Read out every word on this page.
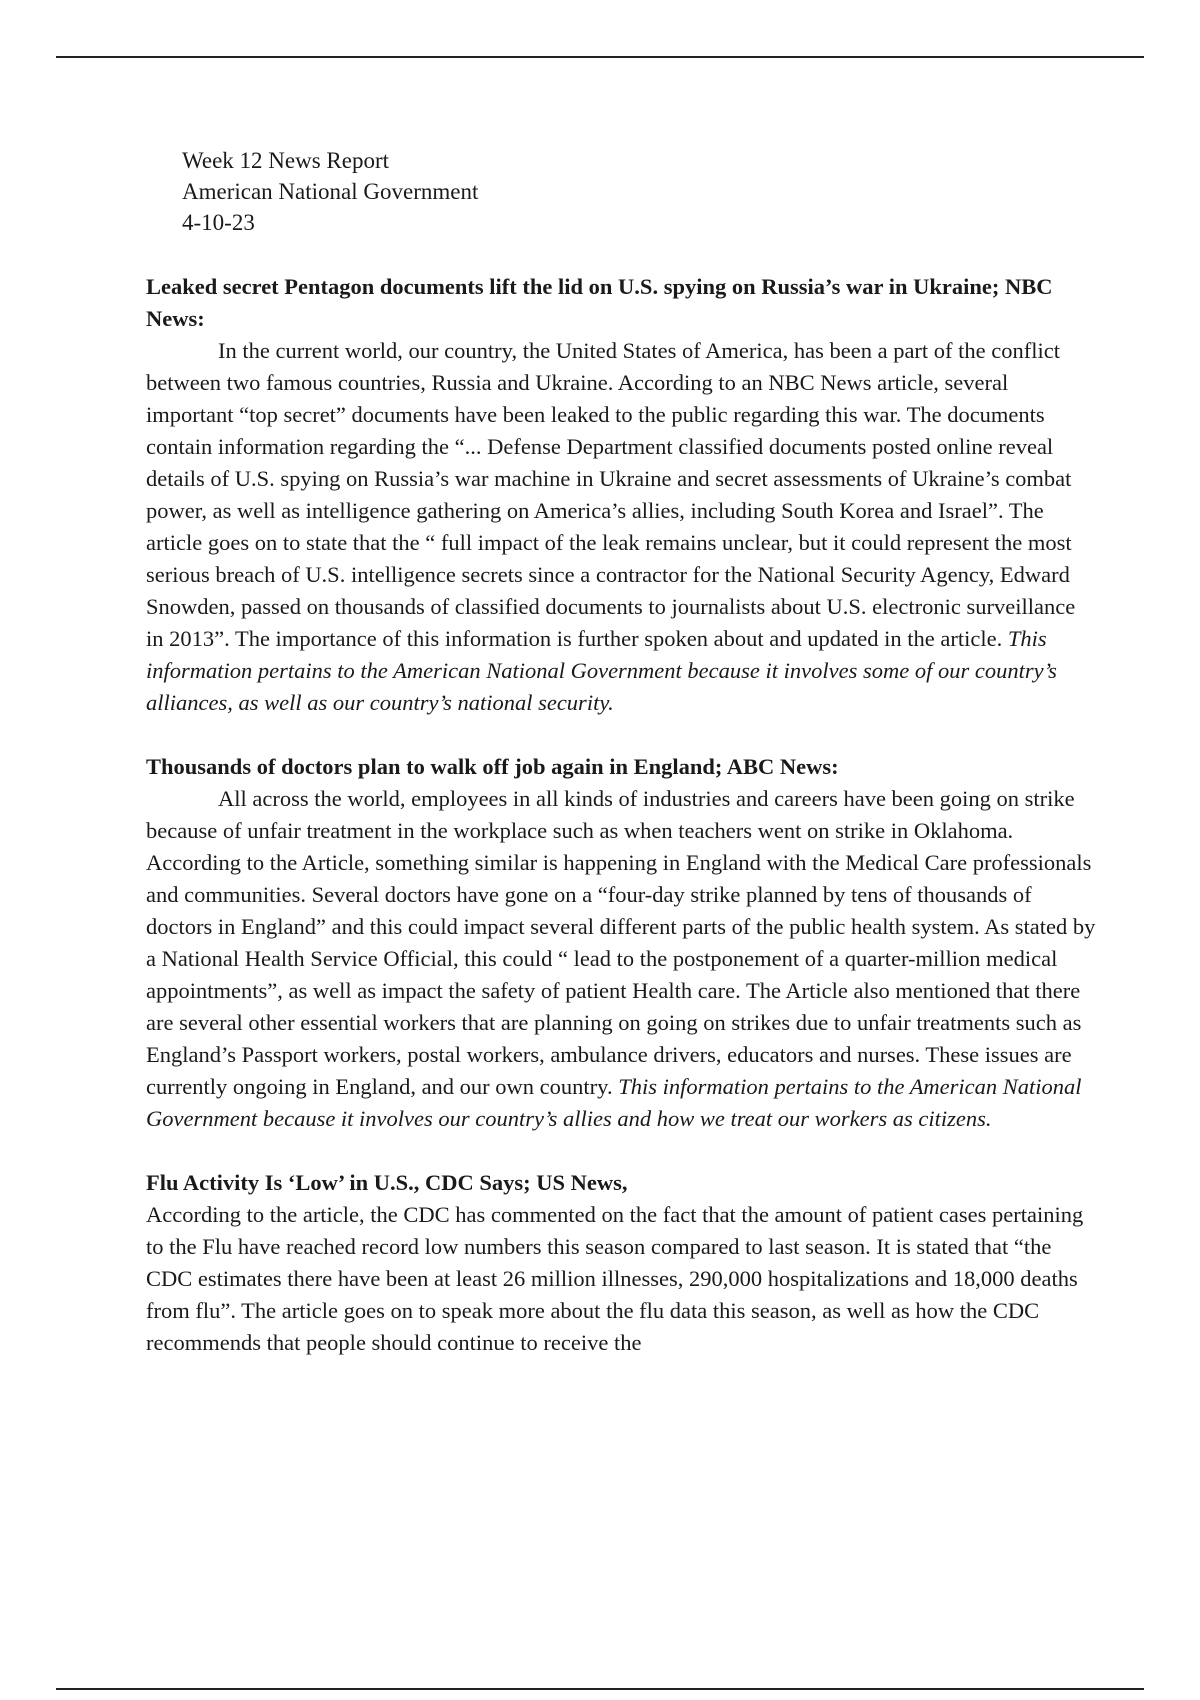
Week 12 News Report

American National Government

4-10-23

Leaked secret Pentagon documents lift the lid on U.S. spying on Russia’s war in Ukraine; NBC News:

In the current world, our country, the United States of America, has been a part of the conflict between two famous countries, Russia and Ukraine. According to an NBC News article, several important “top secret” documents have been leaked to the public regarding this war. The documents contain information regarding the “... Defense Department classified documents posted online reveal details of U.S. spying on Russia’s war machine in Ukraine and secret assessments of Ukraine’s combat power, as well as intelligence gathering on America’s allies, including South Korea and Israel”. The article goes on to state that the “ full impact of the leak remains unclear, but it could represent the most serious breach of U.S. intelligence secrets since a contractor for the National Security Agency, Edward Snowden, passed on thousands of classified documents to journalists about U.S. electronic surveillance in 2013”. The importance of this information is further spoken about and updated in the article. This information pertains to the American National Government because it involves some of our country’s alliances, as well as our country’s national security.

Thousands of doctors plan to walk off job again in England; ABC News:

All across the world, employees in all kinds of industries and careers have been going on strike because of unfair treatment in the workplace such as when teachers went on strike in Oklahoma. According to the Article, something similar is happening in England with the Medical Care professionals and communities. Several doctors have gone on a “four-day strike planned by tens of thousands of doctors in England” and this could impact several different parts of the public health system. As stated by a National Health Service Official, this could “ lead to the postponement of a quarter-million medical appointments”, as well as impact the safety of patient Health care. The Article also mentioned that there are several other essential workers that are planning on going on strikes due to unfair treatments such as England’s Passport workers, postal workers, ambulance drivers, educators and nurses. These issues are currently ongoing in England, and our own country. This information pertains to the American National Government because it involves our country’s allies and how we treat our workers as citizens.

Flu Activity Is ‘Low’ in U.S., CDC Says; US News,

According to the article, the CDC has commented on the fact that the amount of patient cases pertaining to the Flu have reached record low numbers this season compared to last season. It is stated that “the CDC estimates there have been at least 26 million illnesses, 290,000 hospitalizations and 18,000 deaths from flu”. The article goes on to speak more about the flu data this season, as well as how the CDC recommends that people should continue to receive the
